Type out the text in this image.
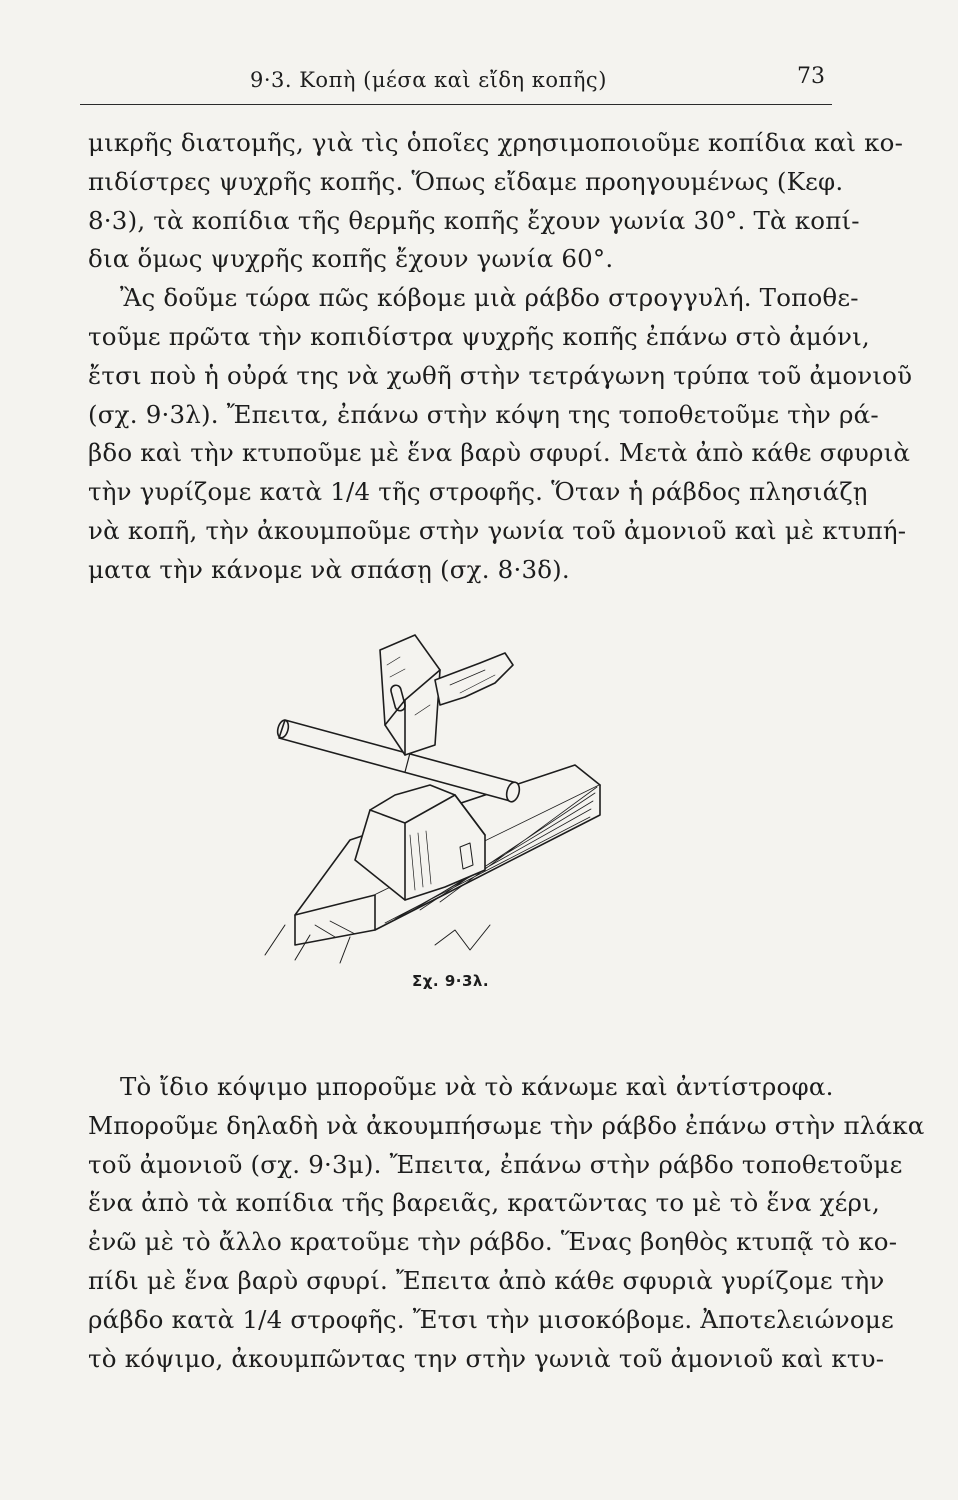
9·3. Κοπὴ (μέσα καὶ εἴδη κοπῆς)	73
μικρῆς διατομῆς, γιὰ τὶς ὁποῖες χρησιμοποιοῦμε κοπίδια καὶ κο-
πιδίστρες ψυχρῆς κοπῆς. Ὅπως εἴδαμε προηγουμένως (Κεφ.
8·3), τὰ κοπίδια τῆς θερμῆς κοπῆς ἔχουν γωνία 30°. Τὰ κοπί-
δια ὅμως ψυχρῆς κοπῆς ἔχουν γωνία 60°.
Ἂς δοῦμε τώρα πῶς κόβομε μιὰ ράβδο στρογγυλή. Τοποθε-
τοῦμε πρῶτα τὴν κοπιδίστρα ψυχρῆς κοπῆς ἐπάνω στὸ ἀμόνι,
ἔτσι ποὺ ἡ οὐρά της νὰ χωθῆ στὴν τετράγωνη τρύπα τοῦ ἀμονιοῦ
(σχ. 9·3λ). Ἔπειτα, ἐπάνω στὴν κόψη της τοποθετοῦμε τὴν ρά-
βδο καὶ τὴν κτυποῦμε μὲ ἕνα βαρὺ σφυρί. Μετὰ ἀπὸ κάθε σφυριὰ
τὴν γυρίζομε κατὰ 1/4 τῆς στροφῆς. Ὅταν ἡ ράβδος πλησιάζῃ
νὰ κοπῆ, τὴν ἀκουμποῦμε στὴν γωνία τοῦ ἀμονιοῦ καὶ μὲ κτυπή-
ματα τὴν κάνομε νὰ σπάσῃ (σχ. 8·3δ).
Σχ. 9·3λ.
Τὸ ἴδιο κόψιμο μποροῦμε νὰ τὸ κάνωμε καὶ ἀντίστροφα.
Μποροῦμε δηλαδὴ νὰ ἀκουμπήσωμε τὴν ράβδο ἐπάνω στὴν πλάκα
τοῦ ἀμονιοῦ (σχ. 9·3μ). Ἔπειτα, ἐπάνω στὴν ράβδο τοποθετοῦμε
ἕνα ἀπὸ τὰ κοπίδια τῆς βαρειᾶς, κρατῶντας το μὲ τὸ ἕνα χέρι,
ἐνῶ μὲ τὸ ἄλλο κρατοῦμε τὴν ράβδο. Ἕνας βοηθὸς κτυπᾷ τὸ κο-
πίδι μὲ ἕνα βαρὺ σφυρί. Ἔπειτα ἀπὸ κάθε σφυριὰ γυρίζομε τὴν
ράβδο κατὰ 1/4 στροφῆς. Ἔτσι τὴν μισοκόβομε. Ἀποτελειώνομε
τὸ κόψιμο, ἀκουμπῶντας την στὴν γωνιὰ τοῦ ἀμονιοῦ καὶ κτυ-
